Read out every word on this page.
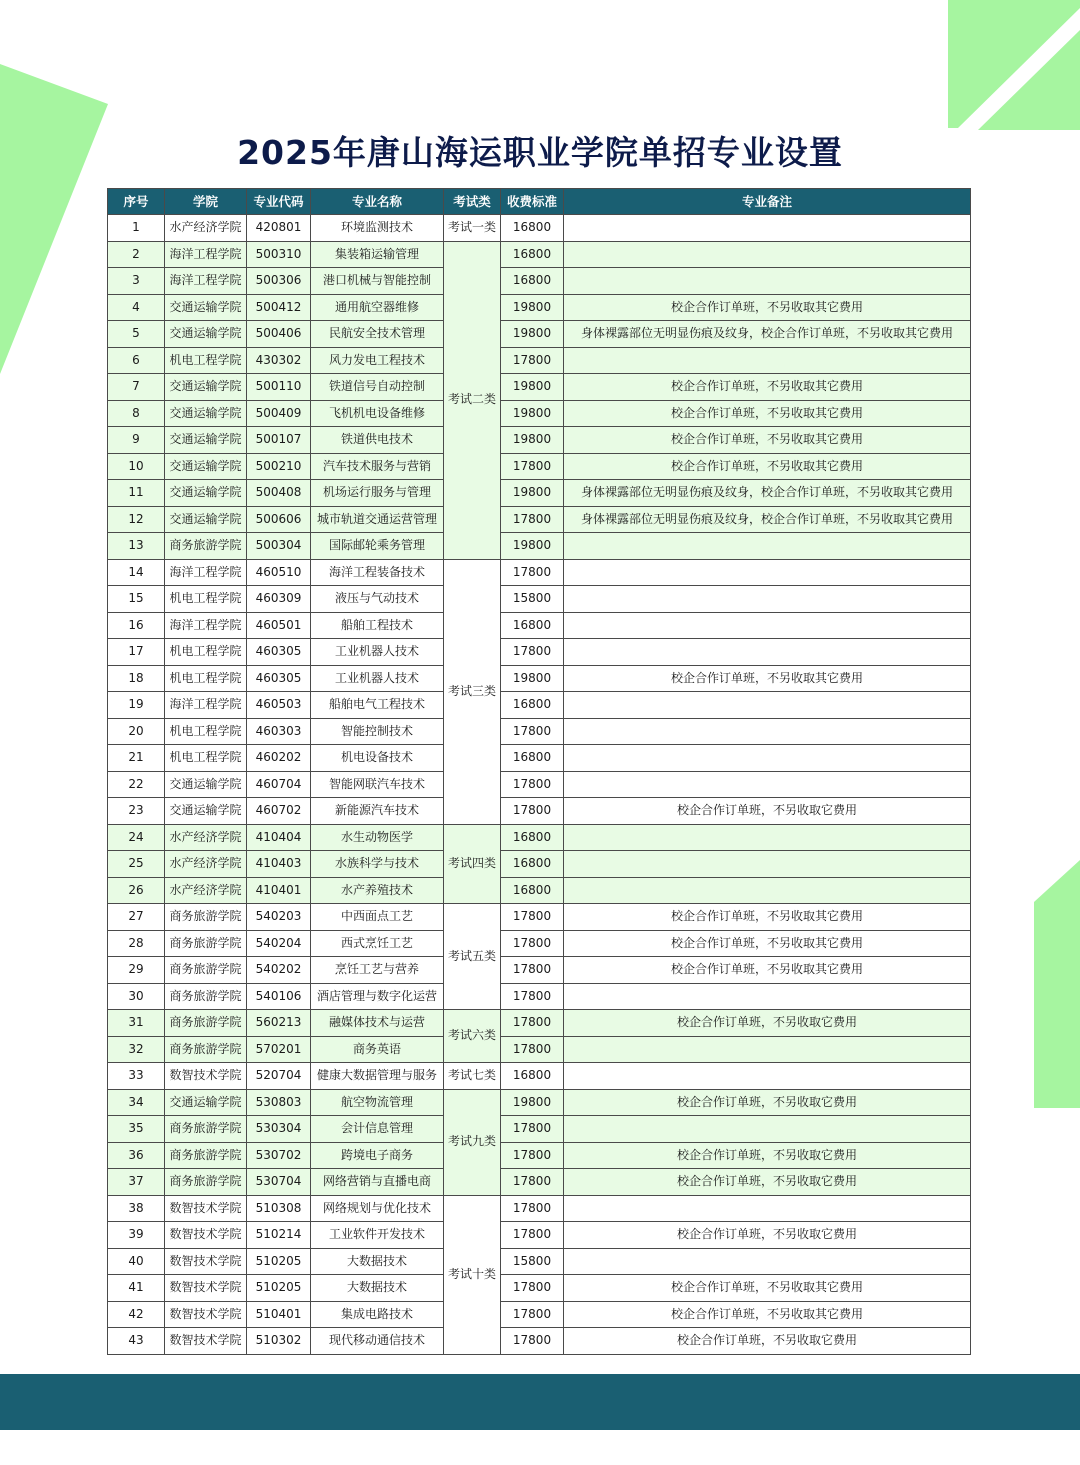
2025年唐山海运职业学院单招专业设置
序号	学院	专业代码	专业名称	考试类	收费标准	专业备注
1	水产经济学院	420801	环境监测技术	考试一类	16800	
2	海洋工程学院	500310	集装箱运输管理	考试二类	16800	
3	海洋工程学院	500306	港口机械与智能控制		16800	
4	交通运输学院	500412	通用航空器维修		19800	校企合作订单班，不另收取其它费用
5	交通运输学院	500406	民航安全技术管理		19800	身体裸露部位无明显伤痕及纹身，校企合作订单班，不另收取其它费用
6	机电工程学院	430302	风力发电工程技术		17800	
7	交通运输学院	500110	铁道信号自动控制		19800	校企合作订单班，不另收取其它费用
8	交通运输学院	500409	飞机机电设备维修		19800	校企合作订单班，不另收取其它费用
9	交通运输学院	500107	铁道供电技术		19800	校企合作订单班，不另收取其它费用
10	交通运输学院	500210	汽车技术服务与营销		17800	校企合作订单班，不另收取其它费用
11	交通运输学院	500408	机场运行服务与管理		19800	身体裸露部位无明显伤痕及纹身，校企合作订单班，不另收取其它费用
12	交通运输学院	500606	城市轨道交通运营管理		17800	身体裸露部位无明显伤痕及纹身，校企合作订单班，不另收取其它费用
13	商务旅游学院	500304	国际邮轮乘务管理		19800	
14	海洋工程学院	460510	海洋工程装备技术	考试三类	17800	
15	机电工程学院	460309	液压与气动技术		15800	
16	海洋工程学院	460501	船舶工程技术		16800	
17	机电工程学院	460305	工业机器人技术		17800	
18	机电工程学院	460305	工业机器人技术		19800	校企合作订单班，不另收取其它费用
19	海洋工程学院	460503	船舶电气工程技术		16800	
20	机电工程学院	460303	智能控制技术		17800	
21	机电工程学院	460202	机电设备技术		16800	
22	交通运输学院	460704	智能网联汽车技术		17800	
23	交通运输学院	460702	新能源汽车技术		17800	校企合作订单班，不另收取它费用
24	水产经济学院	410404	水生动物医学	考试四类	16800	
25	水产经济学院	410403	水族科学与技术		16800	
26	水产经济学院	410401	水产养殖技术		16800	
27	商务旅游学院	540203	中西面点工艺	考试五类	17800	校企合作订单班，不另收取其它费用
28	商务旅游学院	540204	西式烹饪工艺		17800	校企合作订单班，不另收取其它费用
29	商务旅游学院	540202	烹饪工艺与营养		17800	校企合作订单班，不另收取其它费用
30	商务旅游学院	540106	酒店管理与数字化运营		17800	
31	商务旅游学院	560213	融媒体技术与运营	考试六类	17800	校企合作订单班，不另收取它费用
32	商务旅游学院	570201	商务英语		17800	
33	数智技术学院	520704	健康大数据管理与服务	考试七类	16800	
34	交通运输学院	530803	航空物流管理	考试九类	19800	校企合作订单班，不另收取它费用
35	商务旅游学院	530304	会计信息管理		17800	
36	商务旅游学院	530702	跨境电子商务		17800	校企合作订单班，不另收取它费用
37	商务旅游学院	530704	网络营销与直播电商		17800	校企合作订单班，不另收取它费用
38	数智技术学院	510308	网络规划与优化技术	考试十类	17800	
39	数智技术学院	510214	工业软件开发技术		17800	校企合作订单班，不另收取它费用
40	数智技术学院	510205	大数据技术		15800	
41	数智技术学院	510205	大数据技术		17800	校企合作订单班，不另收取其它费用
42	数智技术学院	510401	集成电路技术		17800	校企合作订单班，不另收取其它费用
43	数智技术学院	510302	现代移动通信技术		17800	校企合作订单班，不另收取它费用
